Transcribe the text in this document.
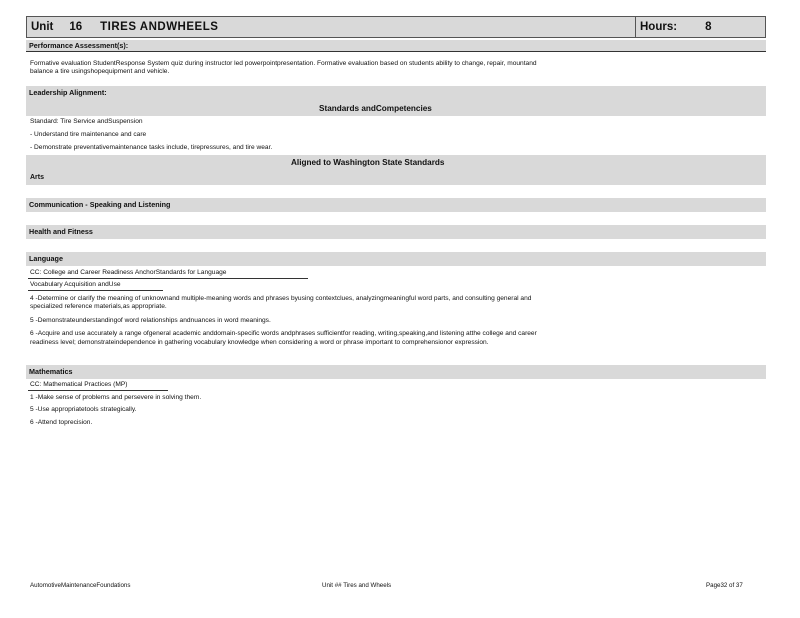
Unit 16 TIRES ANDWHEELS	Hours: 8
Performance Assessment(s):
Formative evaluation StudentResponse System quiz during instructor led powerpointpresentation. Formative evaluation based on students ability to change, repair, mountand
balance a tire usingshopequipment and vehicle.
Leadership Alignment:
Standards andCompetencies
Standard: Tire Service andSuspension
- Understand tire maintenance and care
- Demonstrate preventativemaintenance tasks include, tirepressures, and tire wear.
Aligned to Washington State Standards
Arts
Communication - Speaking and Listening
Health and Fitness
Language
CC: College and Career Readiness AnchorStandards for Language
Vocabulary Acquisition andUse
4 -Determine or clarify the meaning of unknownand multiple-meaning words and phrases byusing contextclues, analyzingmeaningful word parts, and consulting general and
specialized reference materials,as appropriate.
5 -Demonstrateunderstandingof word relationships andnuances in word meanings.
6 -Acquire and use accurately a range ofgeneral academic anddomain-specific words andphrases sufficientfor reading, writing,speaking,and listening atthe college and career
readiness level; demonstrateindependence in gathering vocabulary knowledge when considering a word or phrase important to comprehensionor expression.
Mathematics
CC: Mathematical Practices (MP)
1 -Make sense of problems and persevere in solving them.
5 -Use appropriatetools strategically.
6 -Attend toprecision.
AutomotiveMaintenanceFoundations	Unit ## Tires and Wheels	Page32 of 37
